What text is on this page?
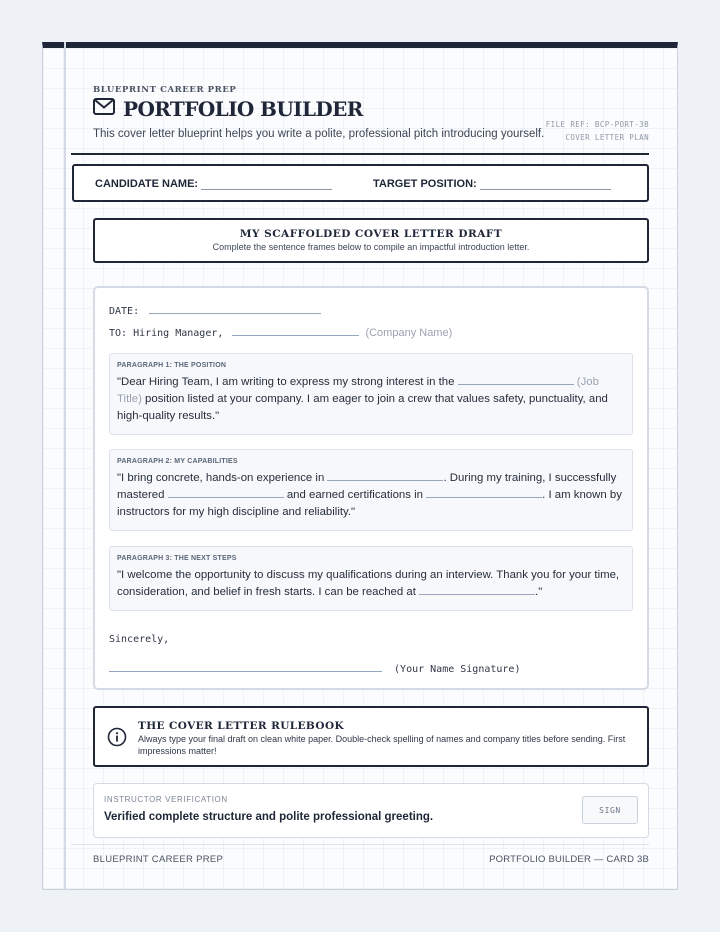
BLUEPRINT CAREER PREP
PORTFOLIO BUILDER
This cover letter blueprint helps you write a polite, professional pitch introducing yourself.
FILE REF: BCP-PORT-3B
COVER LETTER PLAN
CANDIDATE NAME:	TARGET POSITION:
MY SCAFFOLDED COVER LETTER DRAFT
Complete the sentence frames below to compile an impactful introduction letter.
DATE:
TO: Hiring Manager,	(Company Name)
PARAGRAPH 1: THE POSITION
"Dear Hiring Team, I am writing to express my strong interest in the	(Job Title) position listed at your company. I am eager to join a crew that values safety, punctuality, and high-quality results."
PARAGRAPH 2: MY CAPABILITIES
"I bring concrete, hands-on experience in	. During my training, I successfully mastered	and earned certifications in	. I am known by instructors for my high discipline and reliability."
PARAGRAPH 3: THE NEXT STEPS
"I welcome the opportunity to discuss my qualifications during an interview. Thank you for your time, consideration, and belief in fresh starts. I can be reached at	."
Sincerely,
(Your Name Signature)
THE COVER LETTER RULEBOOK
Always type your final draft on clean white paper. Double-check spelling of names and company titles before sending. First impressions matter!
INSTRUCTOR VERIFICATION
Verified complete structure and polite professional greeting.
SIGN
BLUEPRINT CAREER PREP	PORTFOLIO BUILDER — CARD 3B
